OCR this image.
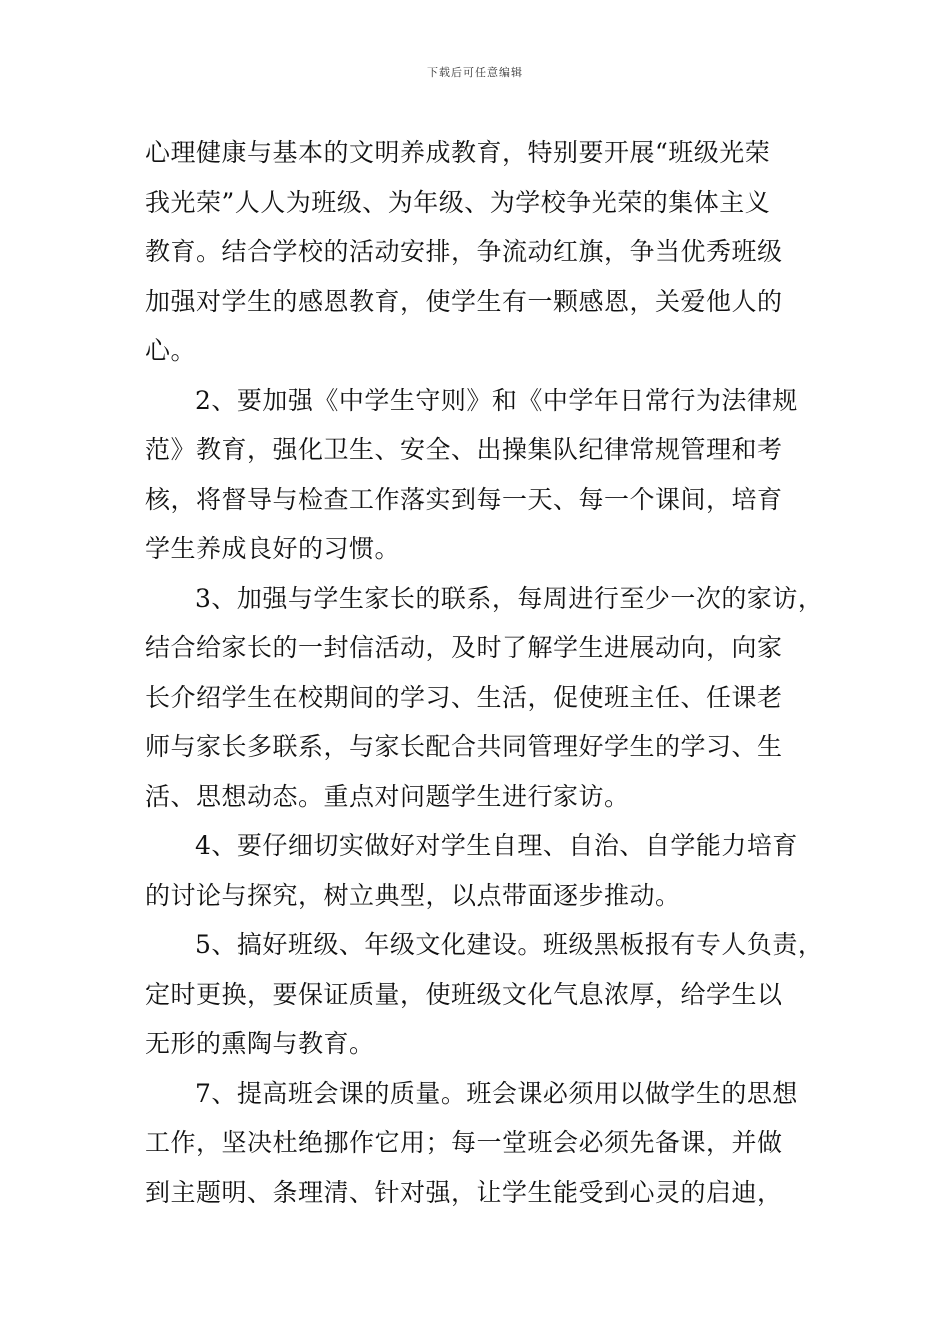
下载后可任意编辑
心理健康与基本的文明养成教育，特别要开展“班级光荣
我光荣”人人为班级、为年级、为学校争光荣的集体主义
教育。结合学校的活动安排，争流动红旗，争当优秀班级
加强对学生的感恩教育，使学生有一颗感恩，关爱他人的
心。
2、要加强《中学生守则》和《中学年日常行为法律规
范》教育，强化卫生、安全、出操集队纪律常规管理和考
核，将督导与检查工作落实到每一天、每一个课间，培育
学生养成良好的习惯。
3、加强与学生家长的联系，每周进行至少一次的家访，
结合给家长的一封信活动，及时了解学生进展动向，向家
长介绍学生在校期间的学习、生活，促使班主任、任课老
师与家长多联系，与家长配合共同管理好学生的学习、生
活、思想动态。重点对问题学生进行家访。
4、要仔细切实做好对学生自理、自治、自学能力培育
的讨论与探究，树立典型，以点带面逐步推动。
5、搞好班级、年级文化建设。班级黑板报有专人负责，
定时更换，要保证质量，使班级文化气息浓厚，给学生以
无形的熏陶与教育。
7、提高班会课的质量。班会课必须用以做学生的思想
工作，坚决杜绝挪作它用；每一堂班会必须先备课，并做
到主题明、条理清、针对强，让学生能受到心灵的启迪，
